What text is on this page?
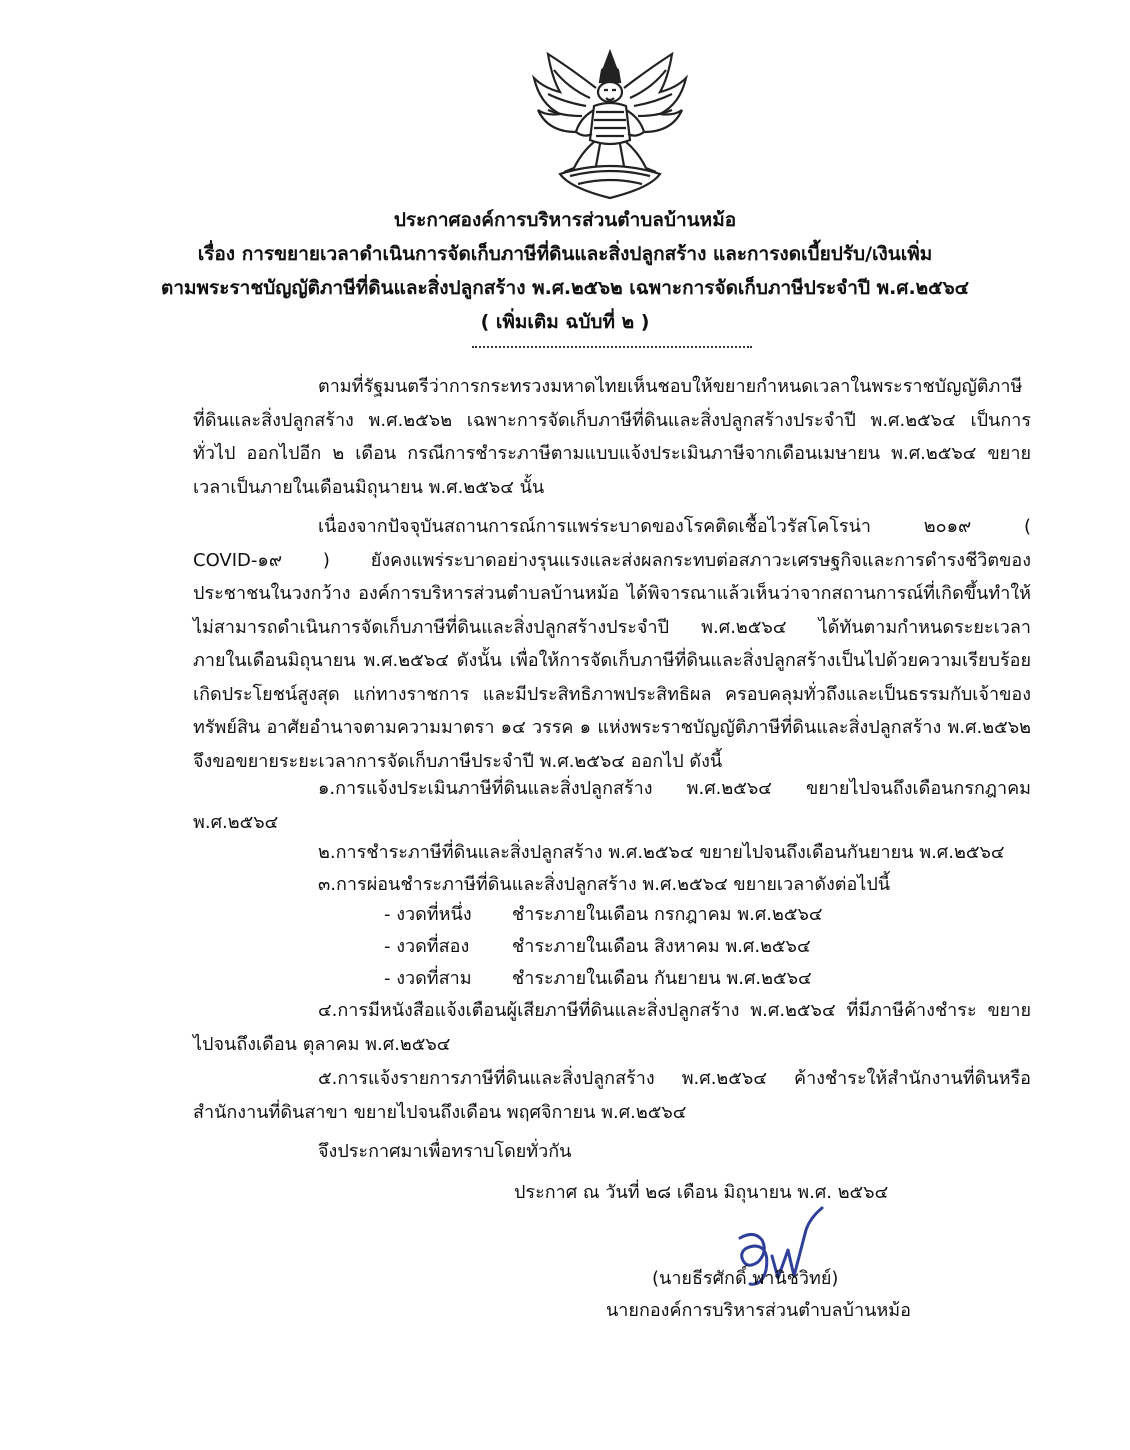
ประกาศองค์การบริหารส่วนตำบลบ้านหม้อ
เรื่อง การขยายเวลาดำเนินการจัดเก็บภาษีที่ดินและสิ่งปลูกสร้าง และการงดเบี้ยปรับ/เงินเพิ่ม
ตามพระราชบัญญัติภาษีที่ดินและสิ่งปลูกสร้าง พ.ศ.๒๕๖๒ เฉพาะการจัดเก็บภาษีประจำปี พ.ศ.๒๕๖๔
( เพิ่มเติม ฉบับที่ ๒ )
ตามที่รัฐมนตรีว่าการกระทรวงมหาดไทยเห็นชอบให้ขยายกำหนดเวลาในพระราชบัญญัติภาษีที่ดินและสิ่งปลูกสร้าง พ.ศ.๒๕๖๒ เฉพาะการจัดเก็บภาษีที่ดินและสิ่งปลูกสร้างประจำปี พ.ศ.๒๕๖๔ เป็นการทั่วไป ออกไปอีก ๒ เดือน กรณีการชำระภาษีตามแบบแจ้งประเมินภาษีจากเดือนเมษายน พ.ศ.๒๕๖๔ ขยายเวลาเป็นภายในเดือนมิถุนายน พ.ศ.๒๕๖๔ นั้น
เนื่องจากปัจจุบันสถานการณ์การแพร่ระบาดของโรคติดเชื้อไวรัสโคโรน่า ๒๐๑๙ ( COVID-๑๙ ) ยังคงแพร่ระบาดอย่างรุนแรงและส่งผลกระทบต่อสภาวะเศรษฐกิจและการดำรงชีวิตของประชาชนในวงกว้าง องค์การบริหารส่วนตำบลบ้านหม้อ ได้พิจารณาแล้วเห็นว่าจากสถานการณ์ที่เกิดขึ้นทำให้ไม่สามารถดำเนินการจัดเก็บภาษีที่ดินและสิ่งปลูกสร้างประจำปี พ.ศ.๒๕๖๔ ได้ทันตามกำหนดระยะเวลาภายในเดือนมิถุนายน พ.ศ.๒๕๖๔ ดังนั้น เพื่อให้การจัดเก็บภาษีที่ดินและสิ่งปลูกสร้างเป็นไปด้วยความเรียบร้อย เกิดประโยชน์สูงสุด แก่ทางราชการ และมีประสิทธิภาพประสิทธิผล ครอบคลุมทั่วถึงและเป็นธรรมกับเจ้าของทรัพย์สิน อาศัยอำนาจตามความมาตรา ๑๔ วรรค ๑ แห่งพระราชบัญญัติภาษีที่ดินและสิ่งปลูกสร้าง พ.ศ.๒๕๖๒ จึงขอขยายระยะเวลาการจัดเก็บภาษีประจำปี พ.ศ.๒๕๖๔ ออกไป ดังนี้
๑.การแจ้งประเมินภาษีที่ดินและสิ่งปลูกสร้าง พ.ศ.๒๕๖๔ ขยายไปจนถึงเดือนกรกฎาคม พ.ศ.๒๕๖๔
๒.การชำระภาษีที่ดินและสิ่งปลูกสร้าง พ.ศ.๒๕๖๔ ขยายไปจนถึงเดือนกันยายน พ.ศ.๒๕๖๔
๓.การผ่อนชำระภาษีที่ดินและสิ่งปลูกสร้าง พ.ศ.๒๕๖๔ ขยายเวลาดังต่อไปนี้
- งวดที่หนึ่ง ชำระภายในเดือน กรกฎาคม พ.ศ.๒๕๖๔
- งวดที่สอง ชำระภายในเดือน สิงหาคม พ.ศ.๒๕๖๔
- งวดที่สาม ชำระภายในเดือน กันยายน พ.ศ.๒๕๖๔
๔.การมีหนังสือแจ้งเตือนผู้เสียภาษีที่ดินและสิ่งปลูกสร้าง พ.ศ.๒๕๖๔ ที่มีภาษีค้างชำระ ขยายไปจนถึงเดือน ตุลาคม พ.ศ.๒๕๖๔
๕.การแจ้งรายการภาษีที่ดินและสิ่งปลูกสร้าง พ.ศ.๒๕๖๔ ค้างชำระให้สำนักงานที่ดินหรือสำนักงานที่ดินสาขา ขยายไปจนถึงเดือน พฤศจิกายน พ.ศ.๒๕๖๔
จึงประกาศมาเพื่อทราบโดยทั่วกัน
ประกาศ ณ วันที่ ๒๘ เดือน มิถุนายน พ.ศ. ๒๕๖๔
(นายธีรศักดิ์ พานิชวิทย์)
นายกองค์การบริหารส่วนตำบลบ้านหม้อ
